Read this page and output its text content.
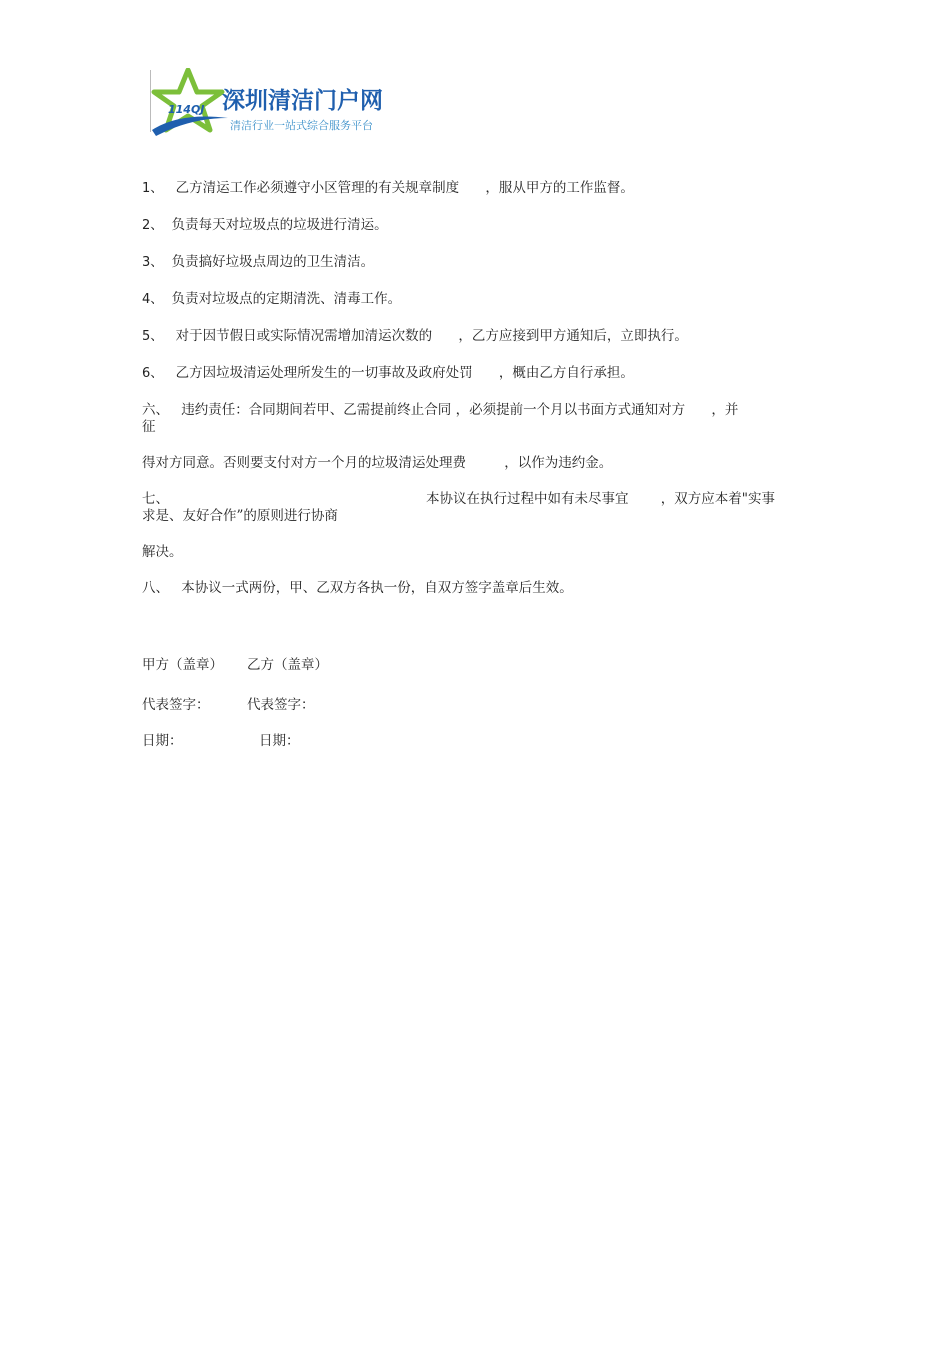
114QJ 深圳清洁门户网
清洁行业一站式综合服务平台
1、 乙方清运工作必须遵守小区管理的有关规章制度 ，服从甲方的工作监督。
2、 负责每天对垃圾点的垃圾进行清运。
3、 负责搞好垃圾点周边的卫生清洁。
4、 负责对垃圾点的定期清洗、清毒工作。
5、 对于因节假日或实际情况需增加清运次数的 ，乙方应接到甲方通知后，立即执行。
6、 乙方因垃圾清运处理所发生的一切事故及政府处罚 ，概由乙方自行承担。
六、 违约责任：合同期间若甲、乙需提前终止合同 ，必须提前一个月以书面方式通知对方 ，并
征
得对方同意。否则要支付对方一个月的垃圾清运处理费	，以作为违约金。
七、	本协议在执行过程中如有未尽事宜 ，双方应本着"实事
求是、友好合作”的原则进行协商
解决。
八、 本协议一式两份，甲、乙双方各执一份，自双方签字盖章后生效。
甲方（盖章） 乙方（盖章）
代表签字：	代表签字：
日期：	日期：
